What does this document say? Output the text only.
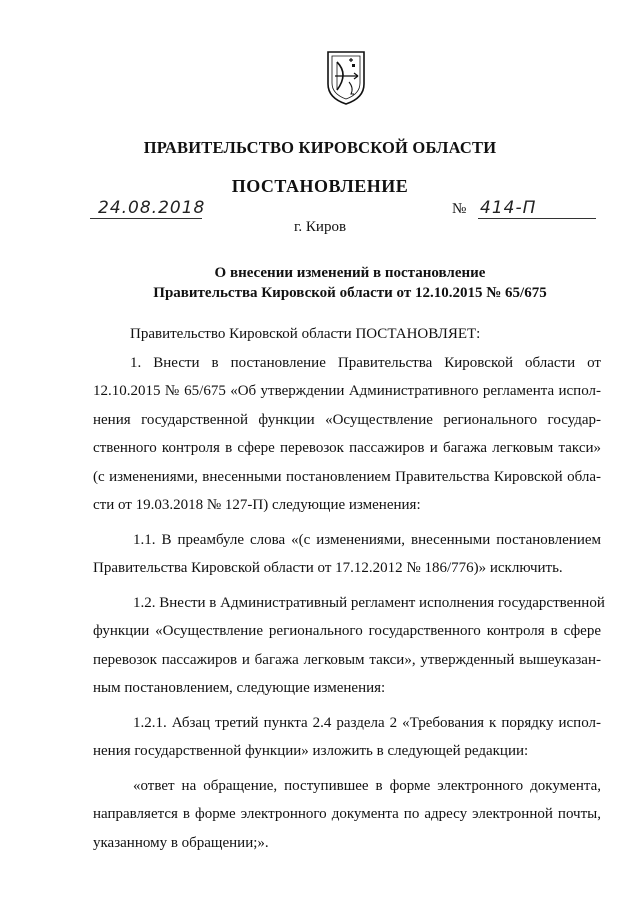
ПРАВИТЕЛЬСТВО КИРОВСКОЙ ОБЛАСТИ
ПОСТАНОВЛЕНИЕ
24.08.2018	№ 414-П
г. Киров
О внесении изменений в постановление
Правительства Кировской области от 12.10.2015 № 65/675
Правительство Кировской области ПОСТАНОВЛЯЕТ:
1. Внести в постановление Правительства Кировской области от
12.10.2015 № 65/675 «Об утверждении Административного регламента испол-
нения государственной функции «Осуществление регионального государ-
ственного контроля в сфере перевозок пассажиров и багажа легковым такси»
(с изменениями, внесенными постановлением Правительства Кировской обла-
сти от 19.03.2018 № 127-П) следующие изменения:
1.1. В преамбуле слова «(с изменениями, внесенными постановлением
Правительства Кировской области от 17.12.2012 № 186/776)» исключить.
1.2. Внести в Административный регламент исполнения государственной
функции «Осуществление регионального государственного контроля в сфере
перевозок пассажиров и багажа легковым такси», утвержденный вышеуказан-
ным постановлением, следующие изменения:
1.2.1. Абзац третий пункта 2.4 раздела 2 «Требования к порядку испол-
нения государственной функции» изложить в следующей редакции:
«ответ на обращение, поступившее в форме электронного документа,
направляется в форме электронного документа по адресу электронной почты,
указанному в обращении;».
